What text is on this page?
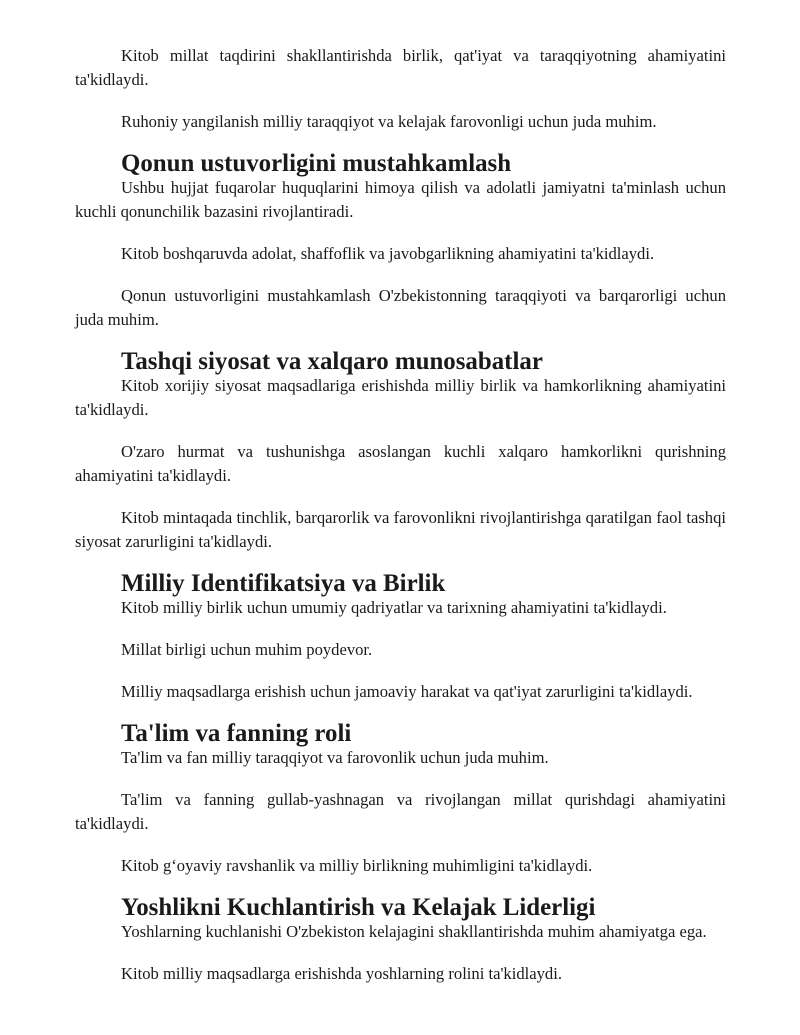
Kitob millat taqdirini shakllantirishda birlik, qat'iyat va taraqqiyotning ahamiyatini ta'kidlaydi.

Ruhoniy yangilanish milliy taraqqiyot va kelajak farovonligi uchun juda muhim.

Qonun ustuvorligini mustahkamlash

Ushbu hujjat fuqarolar huquqlarini himoya qilish va adolatli jamiyatni ta'minlash uchun kuchli qonunchilik bazasini rivojlantiradi.

Kitob boshqaruvda adolat, shaffoflik va javobgarlikning ahamiyatini ta'kidlaydi.

Qonun ustuvorligini mustahkamlash O'zbekistonning taraqqiyoti va barqarorligi uchun juda muhim.

Tashqi siyosat va xalqaro munosabatlar

Kitob xorijiy siyosat maqsadlariga erishishda milliy birlik va hamkorlikning ahamiyatini ta'kidlaydi.

O'zaro hurmat va tushunishga asoslangan kuchli xalqaro hamkorlikni qurishning ahamiyatini ta'kidlaydi.

Kitob mintaqada tinchlik, barqarorlik va farovonlikni rivojlantirishga qaratilgan faol tashqi siyosat zarurligini ta'kidlaydi.

Milliy Identifikatsiya va Birlik

Kitob milliy birlik uchun umumiy qadriyatlar va tarixning ahamiyatini ta'kidlaydi.

Millat birligi uchun muhim poydevor.

Milliy maqsadlarga erishish uchun jamoaviy harakat va qat'iyat zarurligini ta'kidlaydi.

Ta'lim va fanning roli

Ta'lim va fan milliy taraqqiyot va farovonlik uchun juda muhim.

Ta'lim va fanning gullab-yashnagan va rivojlangan millat qurishdagi ahamiyatini ta'kidlaydi.

Kitob g‘oyaviy ravshanlik va milliy birlikning muhimligini ta'kidlaydi.

Yoshlikni Kuchlantirish va Kelajak Liderligi

Yoshlarning kuchlanishi O'zbekiston kelajagini shakllantirishda muhim ahamiyatga ega.

Kitob milliy maqsadlarga erishishda yoshlarning rolini ta'kidlaydi.
